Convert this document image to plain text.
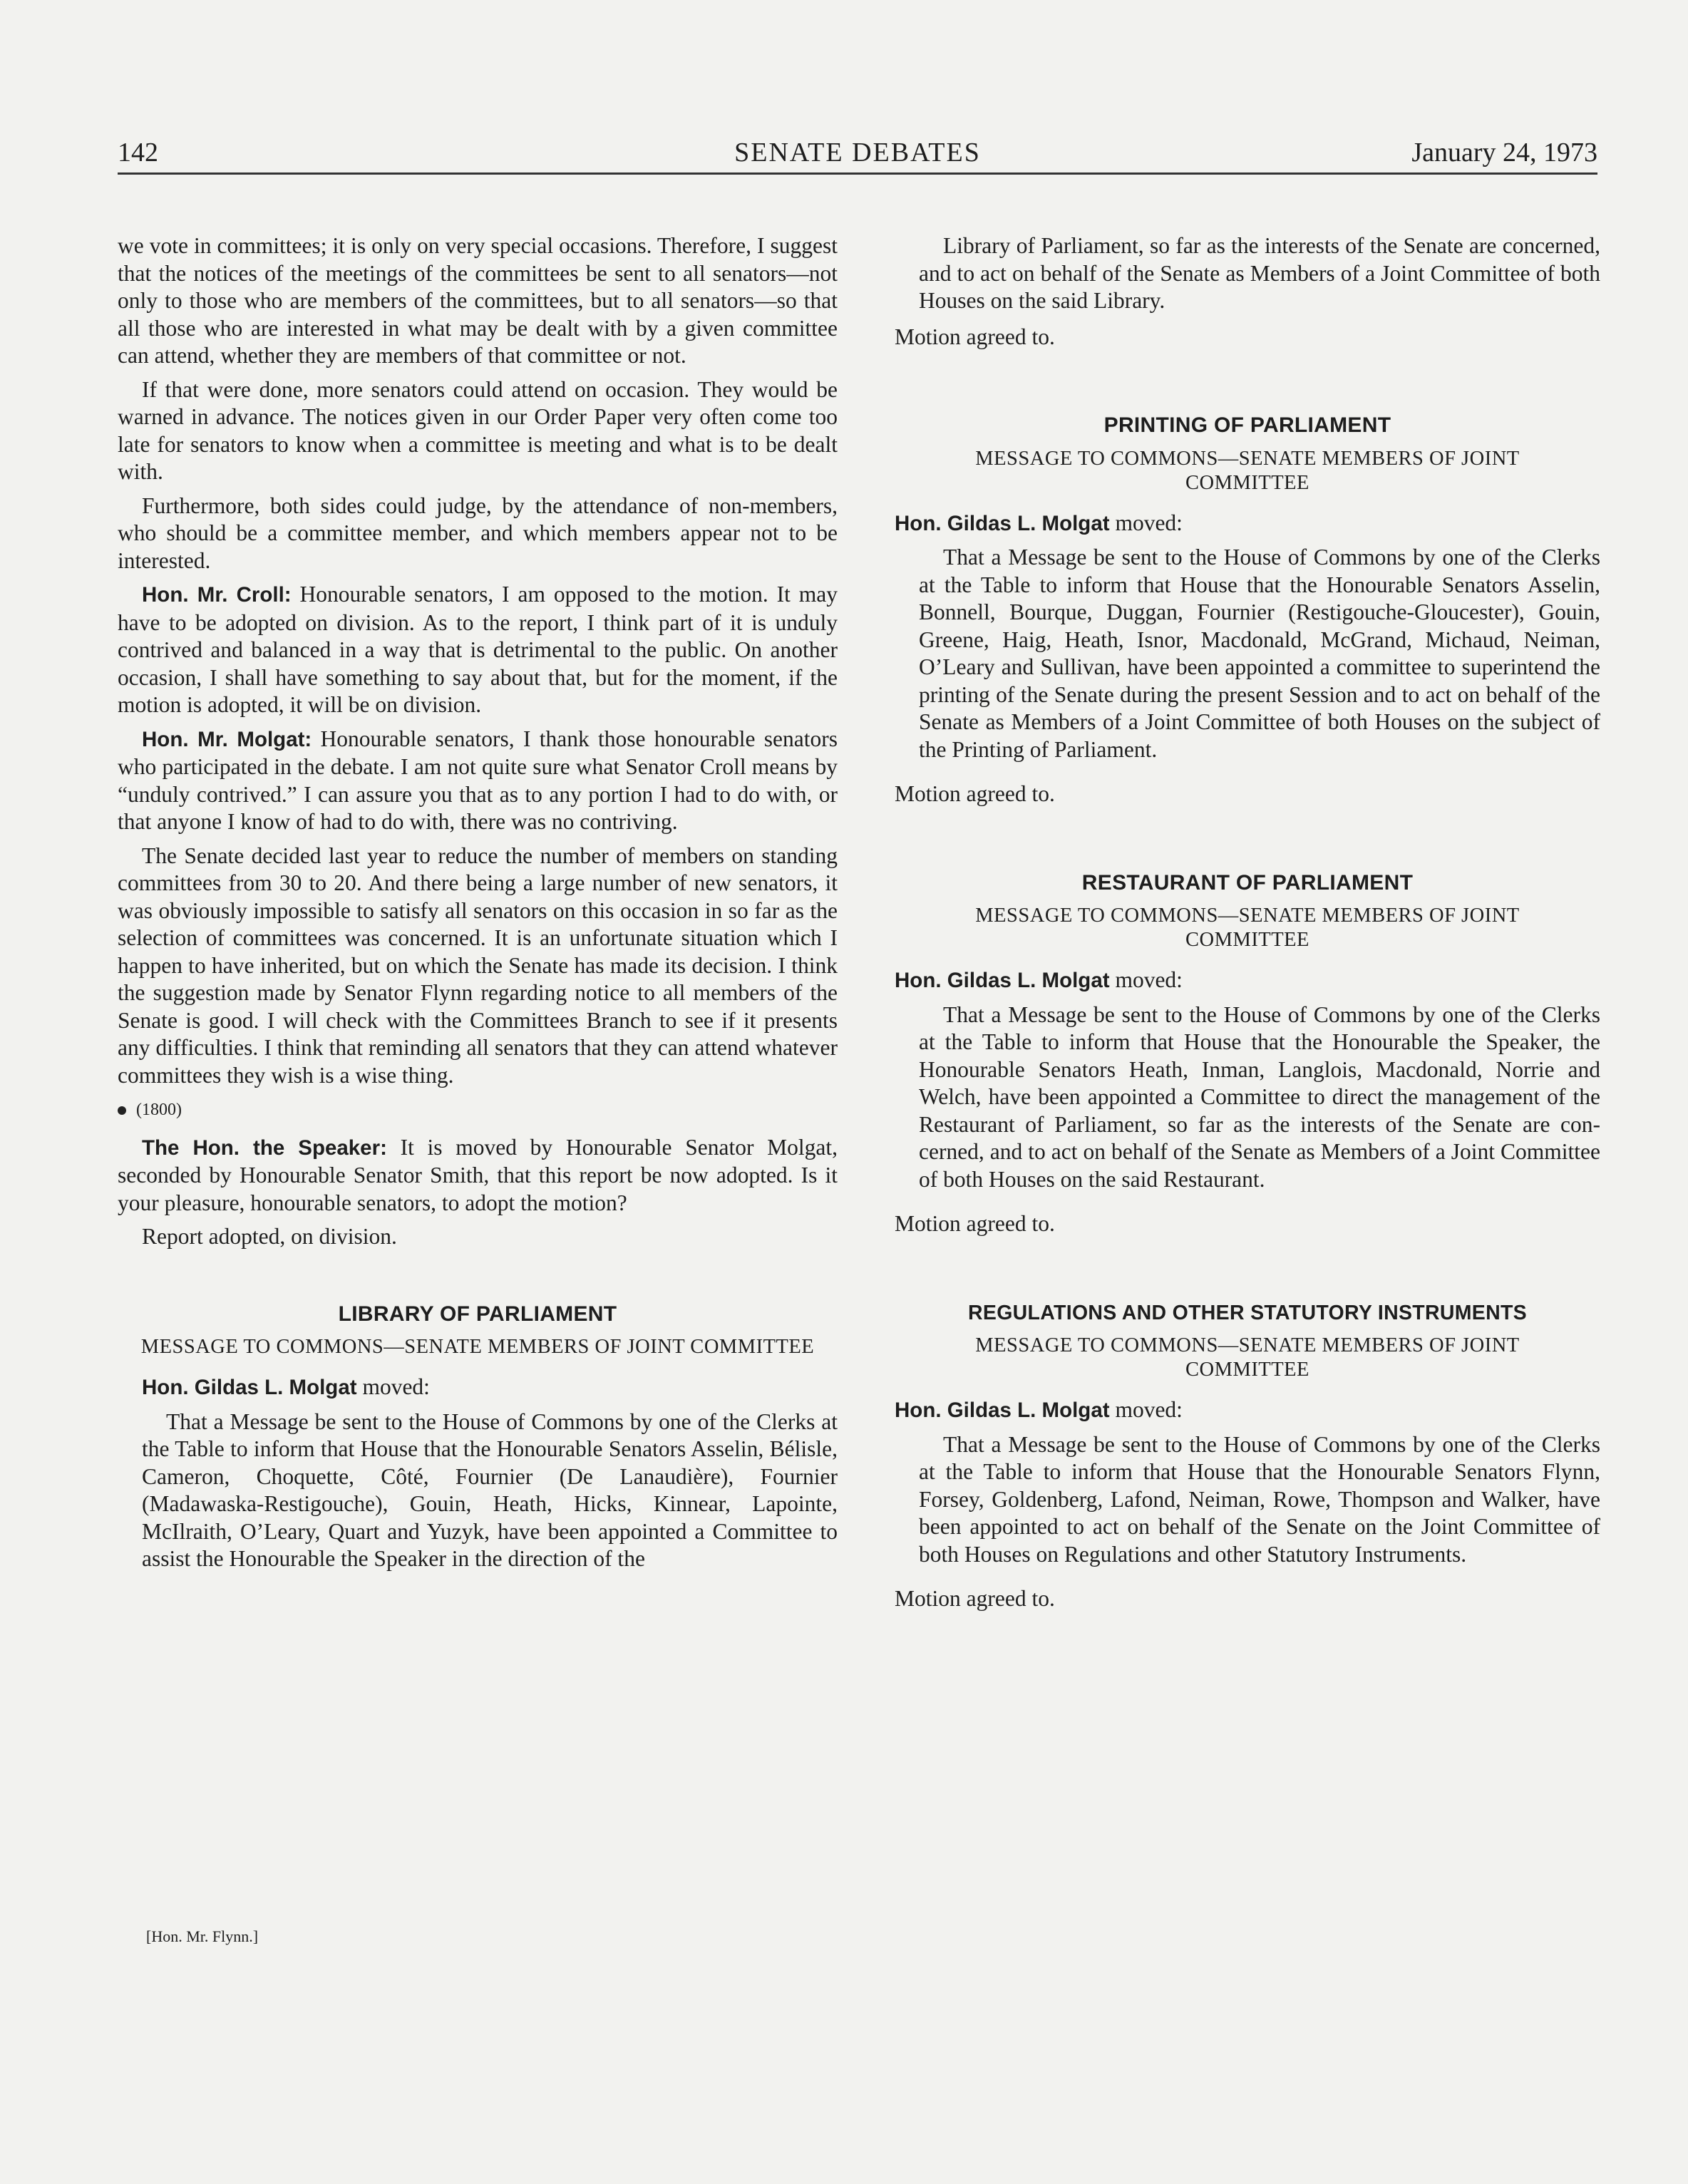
142	SENATE DEBATES	January 24, 1973

we vote in committees; it is only on very special occasions. Therefore, I suggest that the notices of the meetings of the committees be sent to all senators—not only to those who are members of the committees, but to all senators—so that all those who are interested in what may be dealt with by a given committee can attend, whether they are members of that committee or not.

If that were done, more senators could attend on occasion. They would be warned in advance. The notices given in our Order Paper very often come too late for senators to know when a committee is meeting and what is to be dealt with.

Furthermore, both sides could judge, by the attendance of non-members, who should be a committee member, and which members appear not to be interested.

Hon. Mr. Croll: Honourable senators, I am opposed to the motion. It may have to be adopted on division. As to the report, I think part of it is unduly contrived and balanced in a way that is detrimental to the public. On another occasion, I shall have something to say about that, but for the moment, if the motion is adopted, it will be on division.

Hon. Mr. Molgat: Honourable senators, I thank those honourable senators who participated in the debate. I am not quite sure what Senator Croll means by “unduly contrived.” I can assure you that as to any portion I had to do with, or that anyone I know of had to do with, there was no contriving.

The Senate decided last year to reduce the number of members on standing committees from 30 to 20. And there being a large number of new senators, it was obviously impossible to satisfy all senators on this occasion in so far as the selection of committees was concerned. It is an unfortunate situation which I happen to have inherited, but on which the Senate has made its decision. I think the suggestion made by Senator Flynn regarding notice to all members of the Senate is good. I will check with the Committees Branch to see if it presents any difficulties. I think that reminding all senators that they can attend whatever committees they wish is a wise thing.

(1800)

The Hon. the Speaker: It is moved by Honourable Senator Molgat, seconded by Honourable Senator Smith, that this report be now adopted. Is it your pleasure, honourable senators, to adopt the motion?

Report adopted, on division.

LIBRARY OF PARLIAMENT
MESSAGE TO COMMONS—SENATE MEMBERS OF JOINT COMMITTEE

Hon. Gildas L. Molgat moved:

That a Message be sent to the House of Commons by one of the Clerks at the Table to inform that House that the Honourable Senators Asselin, Bélisle, Cameron, Choquette, Côté, Fournier (De Lanaudière), Fournier (Madawaska-Restigouche), Gouin, Heath, Hicks, Kinnear, Lapointe, McIlraith, O’Leary, Quart and Yuzyk, have been appointed a Committee to assist the Honourable the Speaker in the direction of the

[Hon. Mr. Flynn.]

Library of Parliament, so far as the interests of the Senate are concerned, and to act on behalf of the Senate as Members of a Joint Committee of both Houses on the said Library.

Motion agreed to.

PRINTING OF PARLIAMENT
MESSAGE TO COMMONS—SENATE MEMBERS OF JOINT COMMITTEE

Hon. Gildas L. Molgat moved:

That a Message be sent to the House of Commons by one of the Clerks at the Table to inform that House that the Honourable Senators Asselin, Bonnell, Bourque, Duggan, Fournier (Restigouche-Gloucester), Gouin, Greene, Haig, Heath, Isnor, Macdonald, McGrand, Michaud, Neiman, O’Leary and Sullivan, have been appointed a committee to superintend the printing of the Senate during the present Session and to act on behalf of the Senate as Members of a Joint Committee of both Houses on the subject of the Printing of Parliament.

Motion agreed to.

RESTAURANT OF PARLIAMENT
MESSAGE TO COMMONS—SENATE MEMBERS OF JOINT COMMITTEE

Hon. Gildas L. Molgat moved:

That a Message be sent to the House of Commons by one of the Clerks at the Table to inform that House that the Honourable the Speaker, the Honourable Senators Heath, Inman, Langlois, Macdonald, Norrie and Welch, have been appointed a Committee to direct the management of the Restaurant of Parliament, so far as the interests of the Senate are concerned, and to act on behalf of the Senate as Members of a Joint Committee of both Houses on the said Restaurant.

Motion agreed to.

REGULATIONS AND OTHER STATUTORY INSTRUMENTS
MESSAGE TO COMMONS—SENATE MEMBERS OF JOINT COMMITTEE

Hon. Gildas L. Molgat moved:

That a Message be sent to the House of Commons by one of the Clerks at the Table to inform that House that the Honourable Senators Flynn, Forsey, Goldenberg, Lafond, Neiman, Rowe, Thompson and Walker, have been appointed to act on behalf of the Senate on the Joint Committee of both Houses on Regulations and other Statutory Instruments.

Motion agreed to.
